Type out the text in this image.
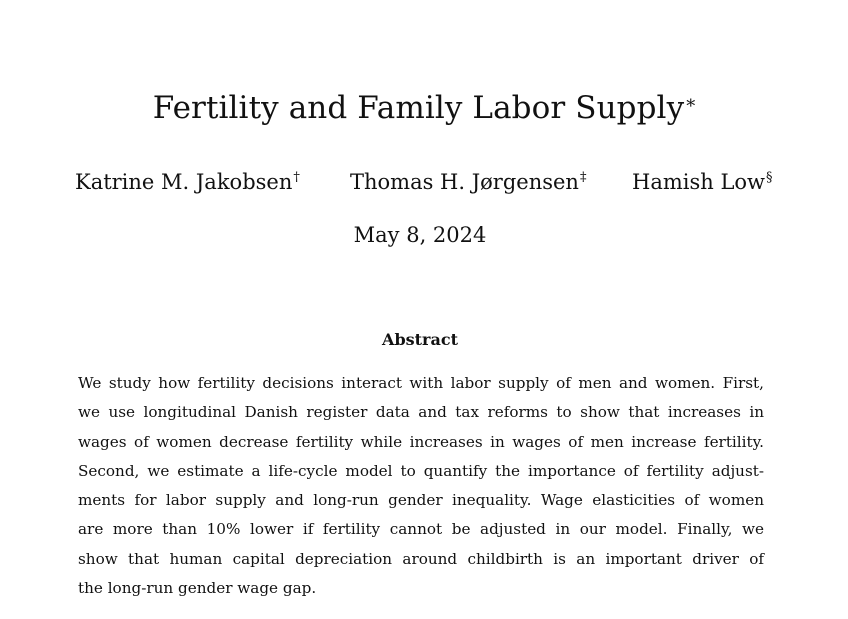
Fertility and Family Labor Supply *
Katrine M. Jakobsen† Thomas H. Jørgensen‡ Hamish Low§
May 8, 2024
Abstract
We study how fertility decisions interact with labor supply of men and women. First,
we use longitudinal Danish register data and tax reforms to show that increases in
wages of women decrease fertility while increases in wages of men increase fertility.
Second, we estimate a life-cycle model to quantify the importance of fertility adjust-
ments for labor supply and long-run gender inequality. Wage elasticities of women
are more than 10% lower if fertility cannot be adjusted in our model. Finally, we
show that human capital depreciation around childbirth is an important driver of
the long-run gender wage gap.
